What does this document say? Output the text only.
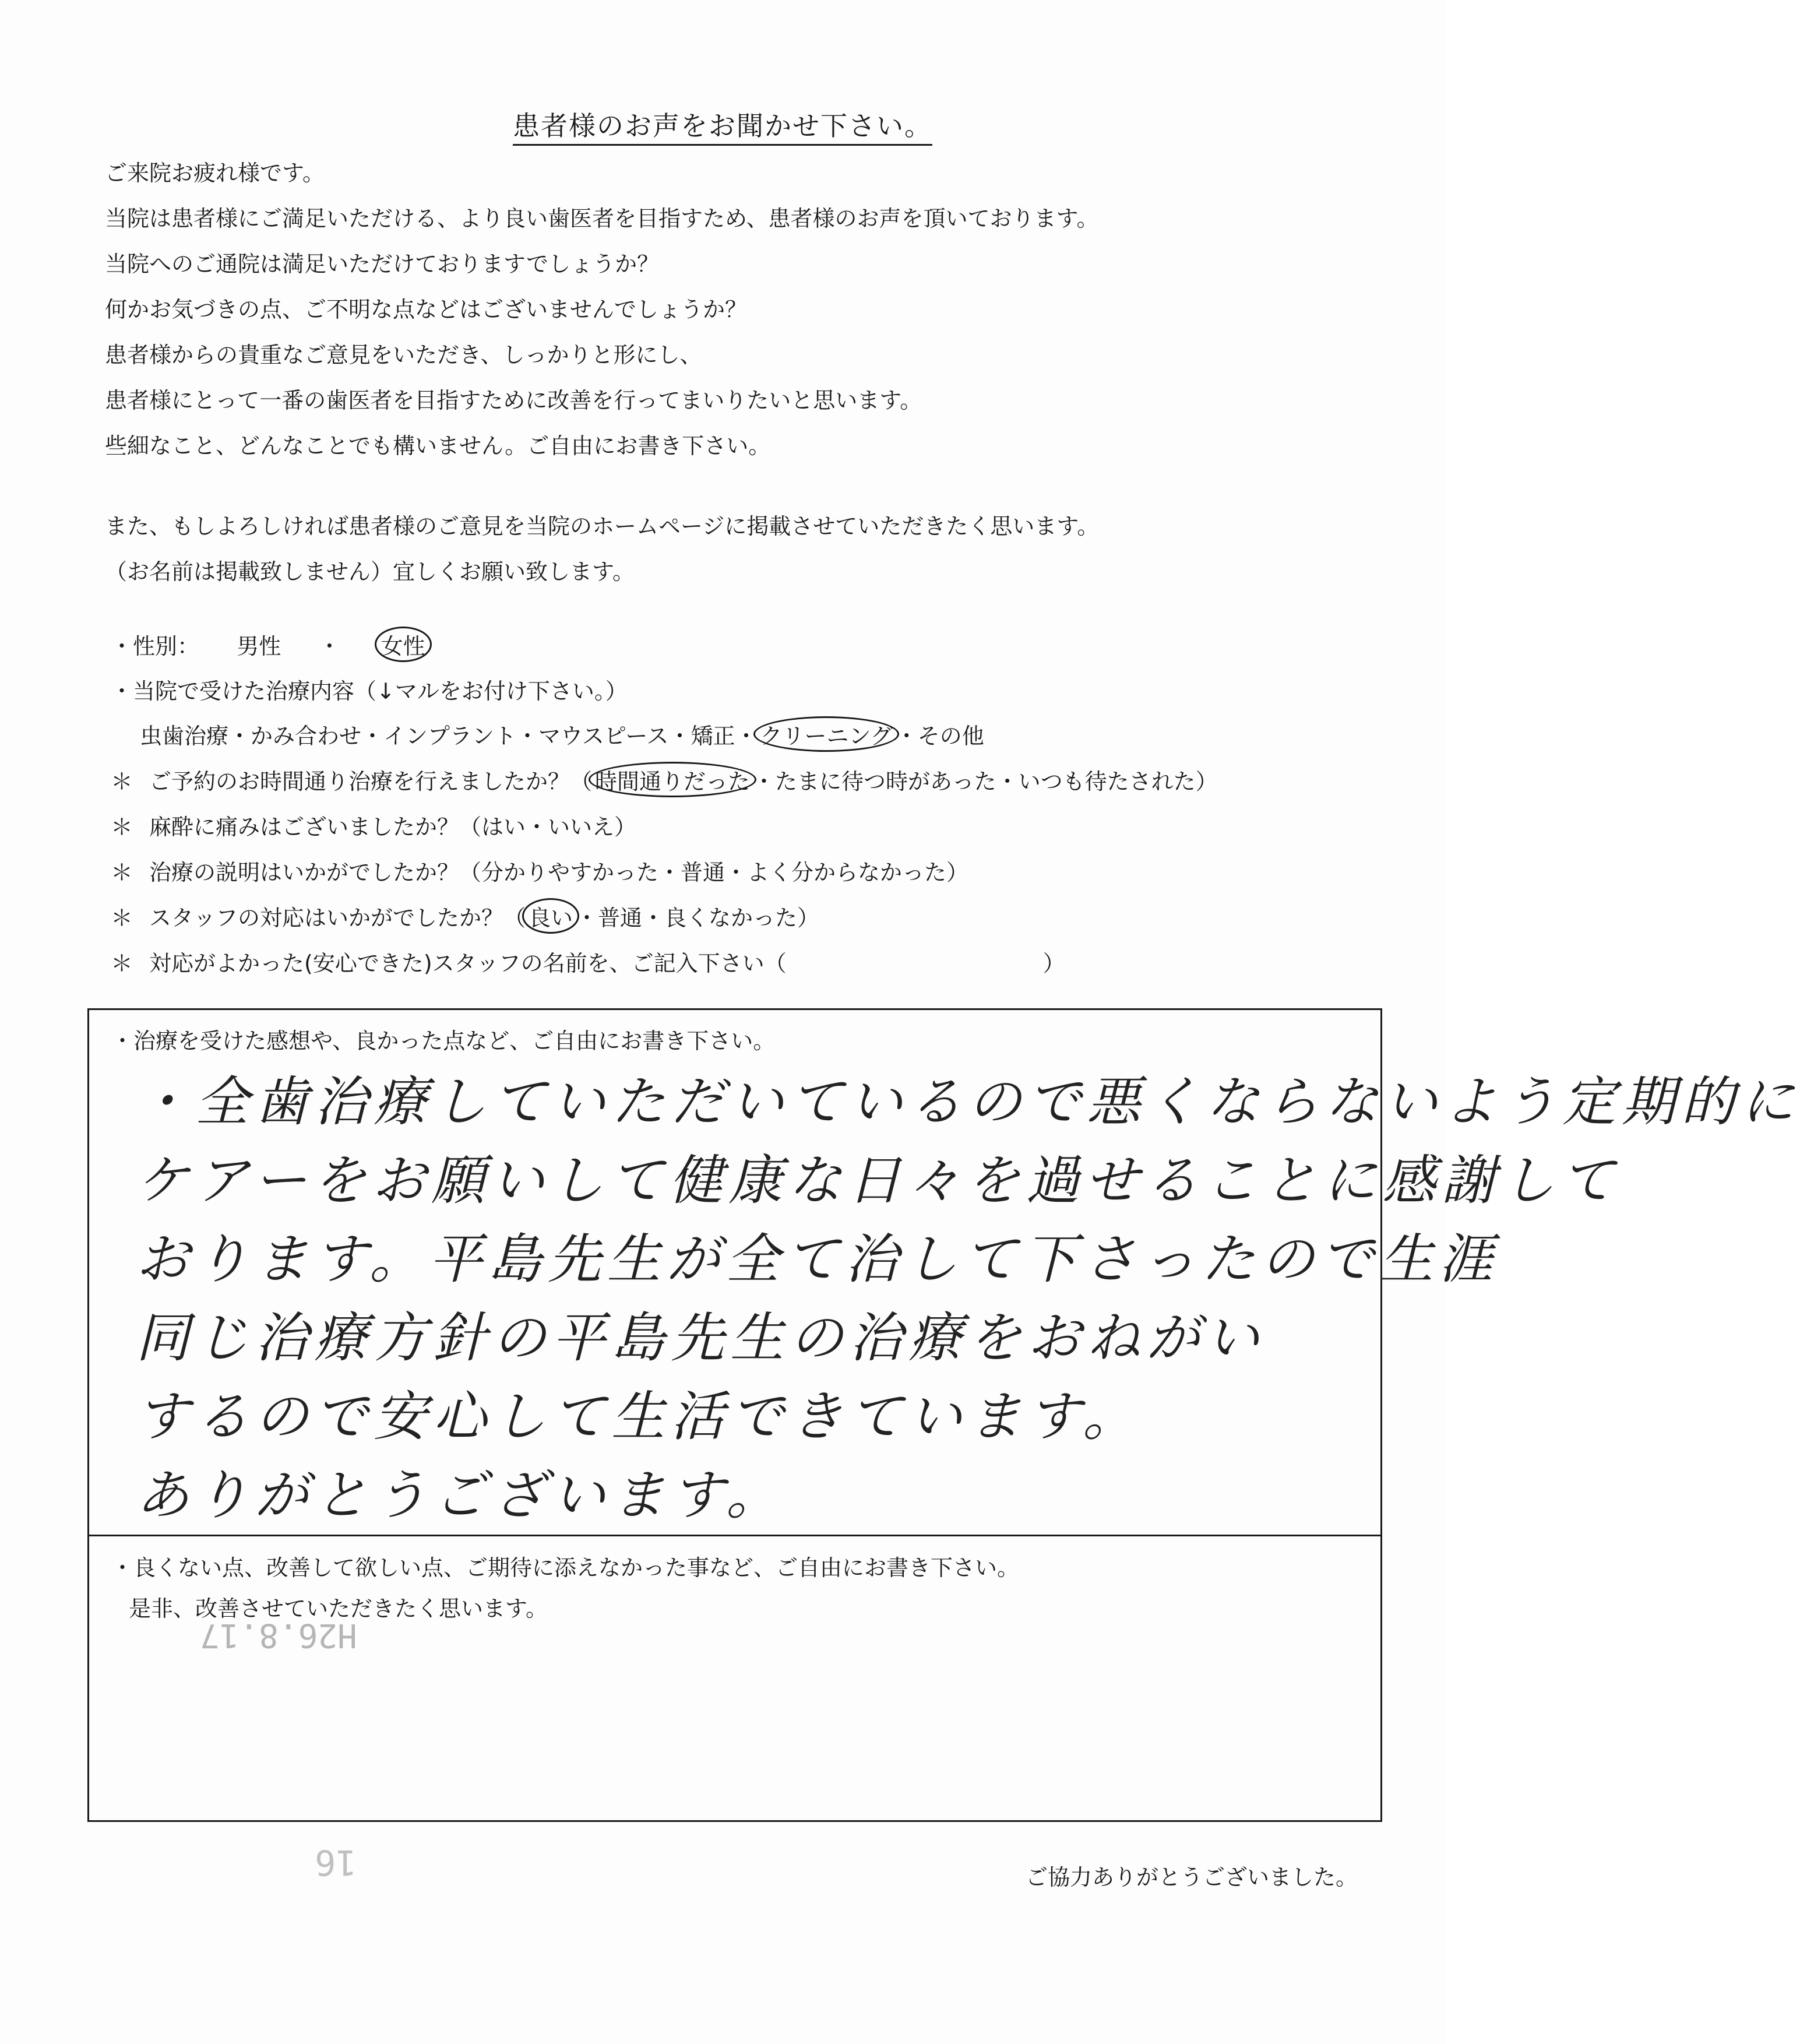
患者様のお声をお聞かせ下さい。
ご来院お疲れ様です。
当院は患者様にご満足いただける、より良い歯医者を目指すため、患者様のお声を頂いております。
当院へのご通院は満足いただけておりますでしょうか？
何かお気づきの点、ご不明な点などはございませんでしょうか？
患者様からの貴重なご意見をいただき、しっかりと形にし、
患者様にとって一番の歯医者を目指すために改善を行ってまいりたいと思います。
些細なこと、どんなことでも構いません。ご自由にお書き下さい。
また、もしよろしければ患者様のご意見を当院のホームページに掲載させていただきたく思います。
（お名前は掲載致しません）宜しくお願い致します。
・性別： 男性 ・ 女性
・当院で受けた治療内容（↓マルをお付け下さい。）
虫歯治療・かみ合わせ・インプラント・マウスピース・矯正・ クリーニング ・その他
＊ ご予約のお時間通り治療を行えましたか？（ 時間通りだった ・たまに待つ時があった・いつも待たされた）
＊ 麻酔に痛みはございましたか？（はい・いいえ）
＊ 治療の説明はいかがでしたか？（分かりやすかった・普通・よく分からなかった）
＊ スタッフの対応はいかがでしたか？（ 良い ・普通・良くなかった）
＊ 対応がよかった(安心できた)スタッフの名前を、ご記入下さい（	）
・治療を受けた感想や、良かった点など、ご自由にお書き下さい。
・全歯治療していただいているので悪くならないよう定期的に
ケアーをお願いして健康な日々を過せることに感謝して
おります。平島先生が全て治して下さったので生涯
同じ治療方針の平島先生の治療をおねがい
するので安心して生活できています。
ありがとうございます。
・良くない点、改善して欲しい点、ご期待に添えなかった事など、ご自由にお書き下さい。
是非、改善させていただきたく思います。
H26.8.17
16	ご協力ありがとうございました。
